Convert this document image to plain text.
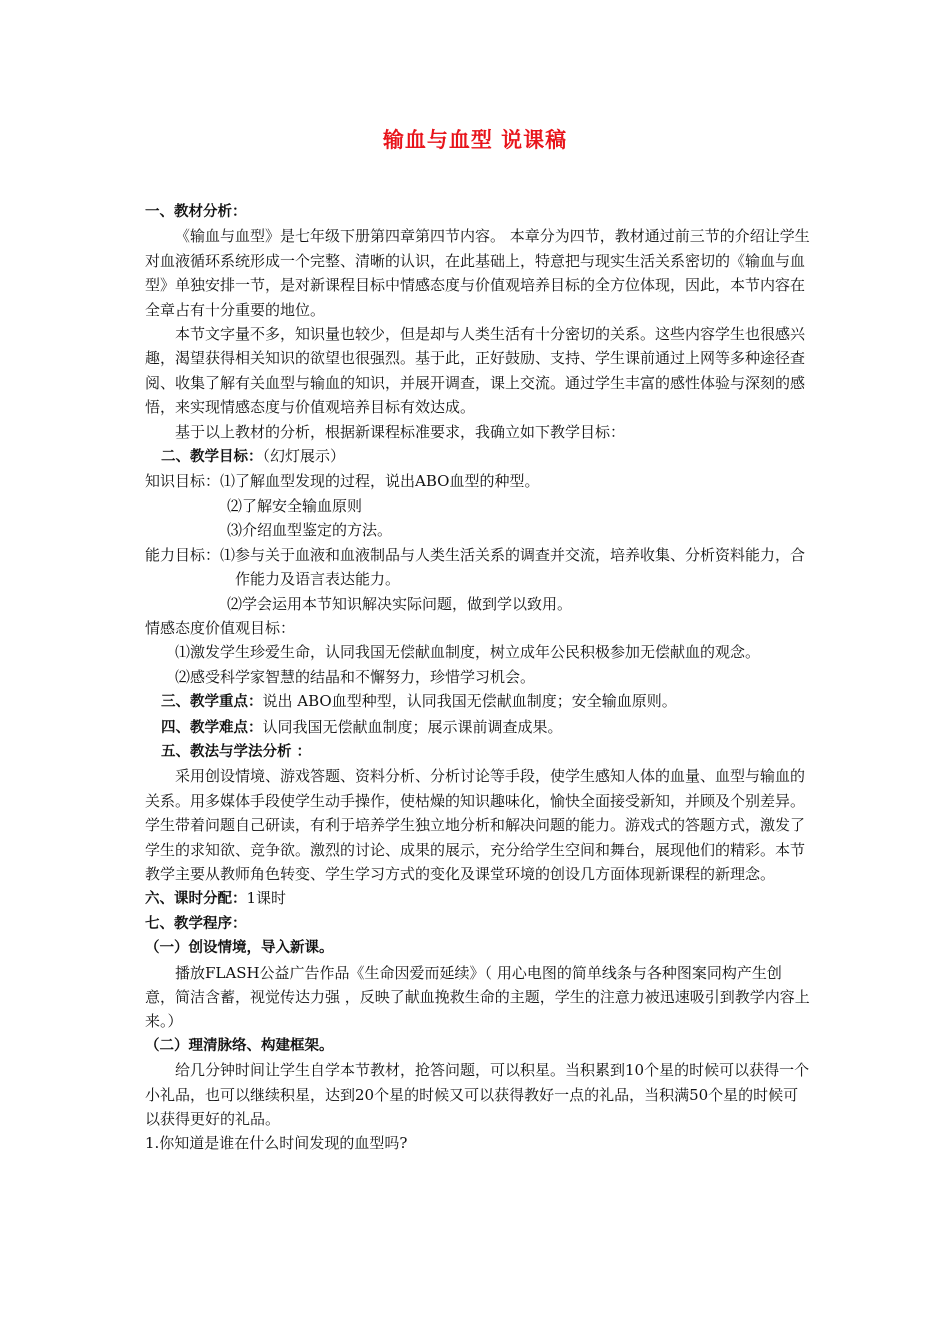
输血与血型 说课稿

一、教材分析：

《输血与血型》是七年级下册第四章第四节内容。 本章分为四节，教材通过前三节的介绍让学生对血液循环系统形成一个完整、清晰的认识，在此基础上，特意把与现实生活关系密切的《输血与血型》单独安排一节，是对新课程目标中情感态度与价值观培养目标的全方位体现，因此，本节内容在全章占有十分重要的地位。

本节文字量不多，知识量也较少，但是却与人类生活有十分密切的关系。这些内容学生也很感兴趣，渴望获得相关知识的欲望也很强烈。基于此，正好鼓励、支持、学生课前通过上网等多种途径查阅、收集了解有关血型与输血的知识，并展开调查，课上交流。通过学生丰富的感性体验与深刻的感悟，来实现情感态度与价值观培养目标有效达成。

基于以上教材的分析，根据新课程标准要求，我确立如下教学目标：

二、教学目标：（幻灯展示）

知识目标： ⑴了解血型发现的过程，说出ABO血型的种型。

⑵了解安全输血原则

⑶介绍血型鉴定的方法。

能力目标： ⑴参与关于血液和血液制品与人类生活关系的调查并交流，培养收集、分析资料能力，合作能力及语言表达能力。

⑵学会运用本节知识解决实际问题，做到学以致用。

情感态度价值观目标：

⑴激发学生珍爱生命，认同我国无偿献血制度，树立成年公民积极参加无偿献血的观念。

⑵感受科学家智慧的结晶和不懈努力，珍惜学习机会。

三、教学重点：说出 ABO血型种型，认同我国无偿献血制度；安全输血原则。

四、教学难点：认同我国无偿献血制度；展示课前调查成果。

五、教法与学法分析 ：

采用创设情境、游戏答题、资料分析、分析讨论等手段，使学生感知人体的血量、血型与输血的关系。用多媒体手段使学生动手操作，使枯燥的知识趣味化，愉快全面接受新知，并顾及个别差异。学生带着问题自己研读，有利于培养学生独立地分析和解决问题的能力。游戏式的答题方式，激发了学生的求知欲、竞争欲。激烈的讨论、成果的展示，充分给学生空间和舞台，展现他们的精彩。本节教学主要从教师角色转变、学生学习方式的变化及课堂环境的创设几方面体现新课程的新理念。

六、课时分配：1课时

七、教学程序：

（一）创设情境，导入新课。

播放FLASH公益广告作品《生命因爱而延续》（ 用心电图的简单线条与各种图案同构产生创意，简洁含蓄，视觉传达力强 ，反映了献血挽救生命的主题，学生的注意力被迅速吸引到教学内容上来。）

（二）理清脉络、构建框架。

给几分钟时间让学生自学本节教材，抢答问题，可以积星。当积累到10个星的时候可以获得一个小礼品，也可以继续积星，达到20个星的时候又可以获得教好一点的礼品，当积满50个星的时候可以获得更好的礼品。

1.你知道是谁在什么时间发现的血型吗?
